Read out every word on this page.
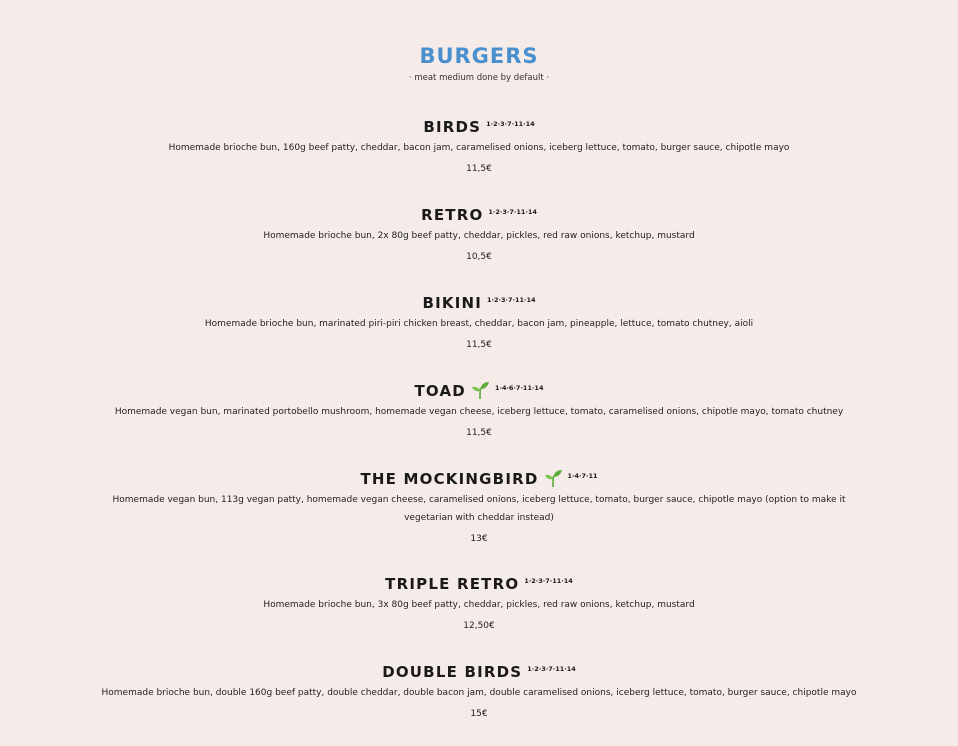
BURGERS
· meat medium done by default ·
BIRDS 1·2·3·7·11·14
Homemade brioche bun, 160g beef patty, cheddar, bacon jam, caramelised onions, iceberg lettuce, tomato, burger sauce, chipotle mayo
11,5€
RETRO 1·2·3·7·11·14
Homemade brioche bun, 2x 80g beef patty, cheddar, pickles, red raw onions, ketchup, mustard
10,5€
BIKINI 1·2·3·7·11·14
Homemade brioche bun, marinated piri-piri chicken breast, cheddar, bacon jam, pineapple, lettuce, tomato chutney, aioli
11,5€
TOAD	1·4·6·7·11·14
Homemade vegan bun, marinated portobello mushroom, homemade vegan cheese, iceberg lettuce, tomato, caramelised onions, chipotle mayo, tomato chutney
11,5€
THE MOCKINGBIRD	1·4·7·11
Homemade vegan bun, 113g vegan patty, homemade vegan cheese, caramelised onions, iceberg lettuce, tomato, burger sauce, chipotle mayo (option to make it vegetarian with cheddar instead)
13€
TRIPLE RETRO 1·2·3·7·11·14
Homemade brioche bun, 3x 80g beef patty, cheddar, pickles, red raw onions, ketchup, mustard
12,50€
DOUBLE BIRDS 1·2·3·7·11·14
Homemade brioche bun, double 160g beef patty, double cheddar, double bacon jam, double caramelised onions, iceberg lettuce, tomato, burger sauce, chipotle mayo
15€
